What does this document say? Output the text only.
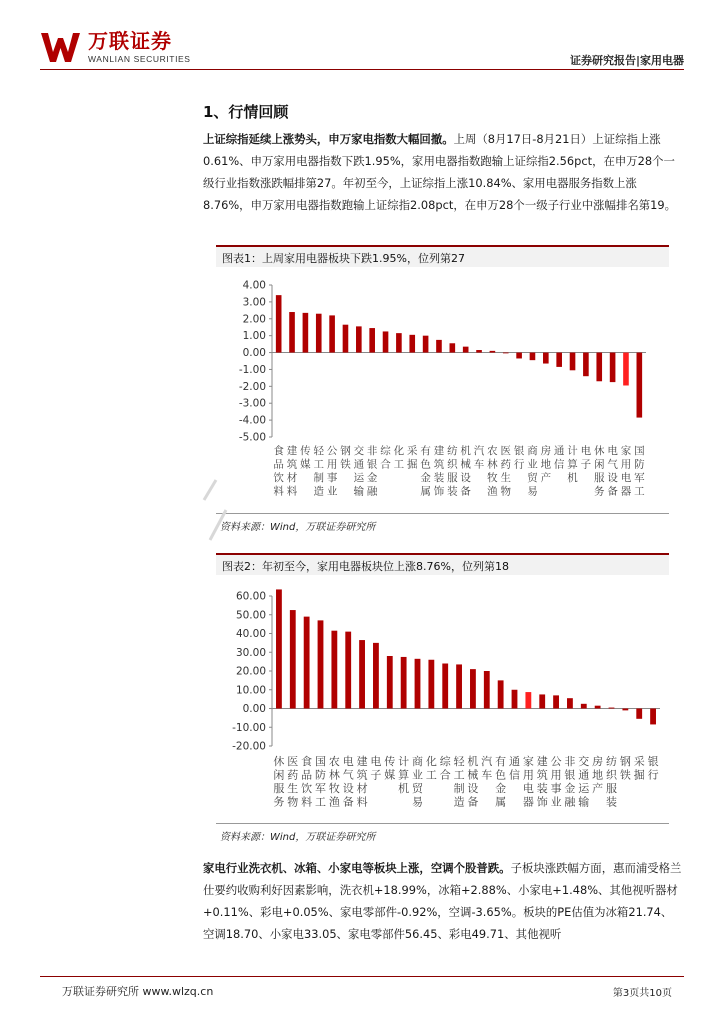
万联证券
WANLIAN SECURITIES	证券研究报告|家用电器
1、行情回顾
上证综指延续上涨势头，申万家电指数大幅回撤。上周（8月17日-8月21日）上证综指上涨0.61%、申万家用电器指数下跌1.95%，家用电器指数跑输上证综指2.56pct，在申万28个一级行业指数涨跌幅排第27。年初至今，上证综指上涨10.84%、家用电器服务指数上涨8.76%，申万家用电器指数跑输上证综指2.08pct，在申万28个一级子行业中涨幅排名第19。
图表1：上周家用电器板块下跌1.95%，位列第27
4.00
3.00
2.00
1.00
0.00
-1.00
-2.00
-3.00
-4.00
-5.00
食
品
饮
料
建
筑
材
料
传
媒
轻
工
制
造
公
用
事
业
钢
铁
交
通
运
输
非
银
金
融
综
合
化
工
采
掘
有
色
金
属
建
筑
装
饰
纺
织
服
装
机
械
设
备
汽
车
农
林
牧
渔
医
药
生
物
银
行
商
业
贸
易
房
地
产
通
信
计
算
机
电
子
休
闲
服
务
电
气
设
备
家
用
电
器
国
防
军
工
资料来源：Wind，万联证券研究所
图表2：年初至今，家用电器板块位上涨8.76%，位列第18
60.00
50.00
40.00
30.00
20.00
10.00
0.00
-10.00
-20.00
休
闲
服
务
医
药
生
物
食
品
饮
料
国
防
军
工
农
林
牧
渔
电
气
设
备
建
筑
材
料
电
子
传
媒
计
算
机
商
业
贸
易
化
工
综
合
轻
工
制
造
机
械
设
备
汽
车
有
色
金
属
通
信
家
用
电
器
建
筑
装
饰
公
用
事
业
非
银
金
融
交
通
运
输
房
地
产
纺
织
服
装
钢
铁
采
掘
银
行
资料来源：Wind，万联证券研究所
家电行业洗衣机、冰箱、小家电等板块上涨，空调个股普跌。子板块涨跌幅方面，惠而浦受格兰仕要约收购利好因素影响，洗衣机+18.99%，冰箱+2.88%、小家电+1.48%、其他视听器材+0.11%、彩电+0.05%、家电零部件-0.92%，空调-3.65%。板块的PE估值为冰箱21.74、空调18.70、小家电33.05、家电零部件56.45、彩电49.71、其他视听
万联证券研究所 www.wlzq.cn	第3页共10页
